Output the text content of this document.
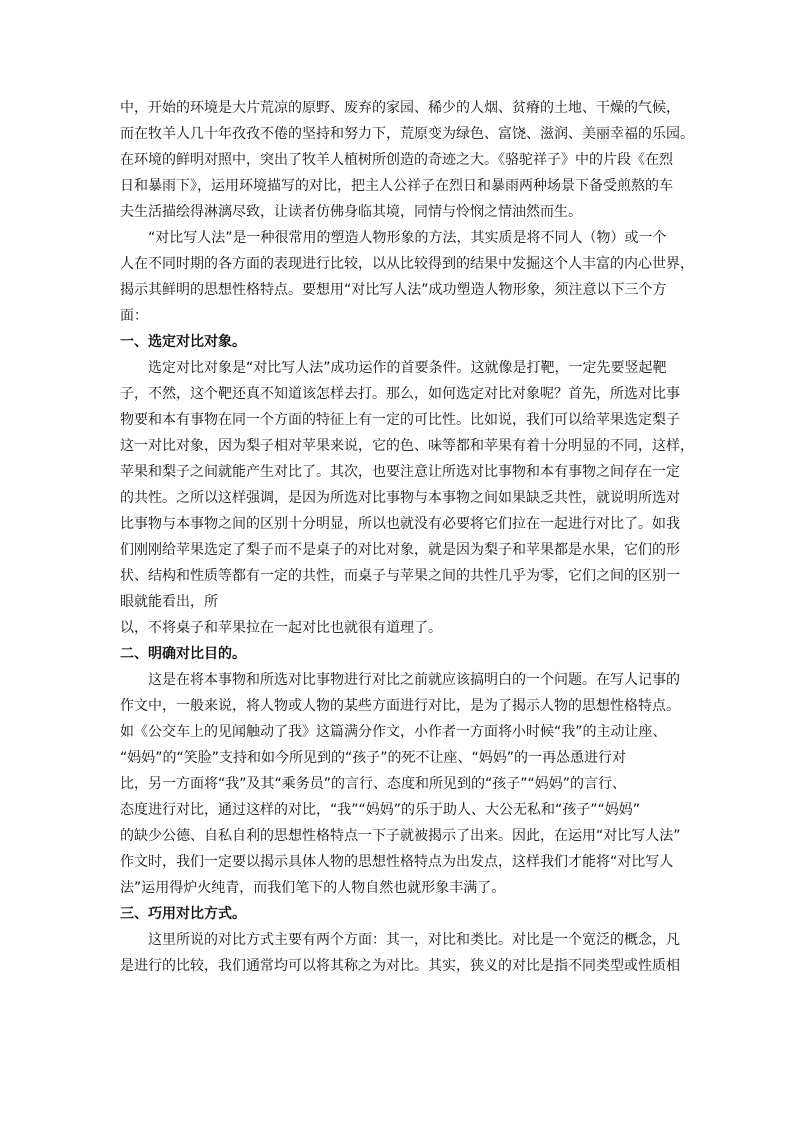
中，开始的环境是大片荒凉的原野、废弃的家园、稀少的人烟、贫瘠的土地、干燥的气候，
而在牧羊人几十年孜孜不倦的坚持和努力下，荒原变为绿色、富饶、滋润、美丽幸福的乐园。
在环境的鲜明对照中，突出了牧羊人植树所创造的奇迹之大。《骆驼祥子》中的片段《在烈
日和暴雨下》，运用环境描写的对比，把主人公祥子在烈日和暴雨两种场景下备受煎熬的车
夫生活描绘得淋漓尽致，让读者仿佛身临其境，同情与怜悯之情油然而生。
“对比写人法”是一种很常用的塑造人物形象的方法，其实质是将不同人（物）或一个
人在不同时期的各方面的表现进行比较，以从比较得到的结果中发掘这个人丰富的内心世界，
揭示其鲜明的思想性格特点。要想用“对比写人法”成功塑造人物形象，须注意以下三个方
面：
一、选定对比对象。
选定对比对象是“对比写人法”成功运作的首要条件。这就像是打靶，一定先要竖起靶
子，不然，这个靶还真不知道该怎样去打。那么，如何选定对比对象呢？首先，所选对比事
物要和本有事物在同一个方面的特征上有一定的可比性。比如说，我们可以给苹果选定梨子
这一对比对象，因为梨子相对苹果来说，它的色、味等都和苹果有着十分明显的不同，这样，
苹果和梨子之间就能产生对比了。其次，也要注意让所选对比事物和本有事物之间存在一定
的共性。之所以这样强调，是因为所选对比事物与本事物之间如果缺乏共性，就说明所选对
比事物与本事物之间的区别十分明显，所以也就没有必要将它们拉在一起进行对比了。如我
们刚刚给苹果选定了梨子而不是桌子的对比对象，就是因为梨子和苹果都是水果，它们的形
状、结构和性质等都有一定的共性，而桌子与苹果之间的共性几乎为零，它们之间的区别一
眼就能看出，所
以，不将桌子和苹果拉在一起对比也就很有道理了。
二、明确对比目的。
这是在将本事物和所选对比事物进行对比之前就应该搞明白的一个问题。在写人记事的
作文中，一般来说，将人物或人物的某些方面进行对比，是为了揭示人物的思想性格特点。
如《公交车上的见闻触动了我》这篇满分作文，小作者一方面将小时候“我”的主动让座、
“妈妈”的“笑脸”支持和如今所见到的“孩子”的死不让座、“妈妈”的一再怂恿进行对
比，另一方面将“我”及其“乘务员”的言行、态度和所见到的“孩子”“妈妈”的言行、
态度进行对比，通过这样的对比，“我”“妈妈”的乐于助人、大公无私和“孩子”“妈妈”
的缺少公德、自私自利的思想性格特点一下子就被揭示了出来。因此，在运用“对比写人法”
作文时，我们一定要以揭示具体人物的思想性格特点为出发点，这样我们才能将“对比写人
法”运用得炉火纯青，而我们笔下的人物自然也就形象丰满了。
三、巧用对比方式。
这里所说的对比方式主要有两个方面：其一，对比和类比。对比是一个宽泛的概念，凡
是进行的比较，我们通常均可以将其称之为对比。其实，狭义的对比是指不同类型或性质相
